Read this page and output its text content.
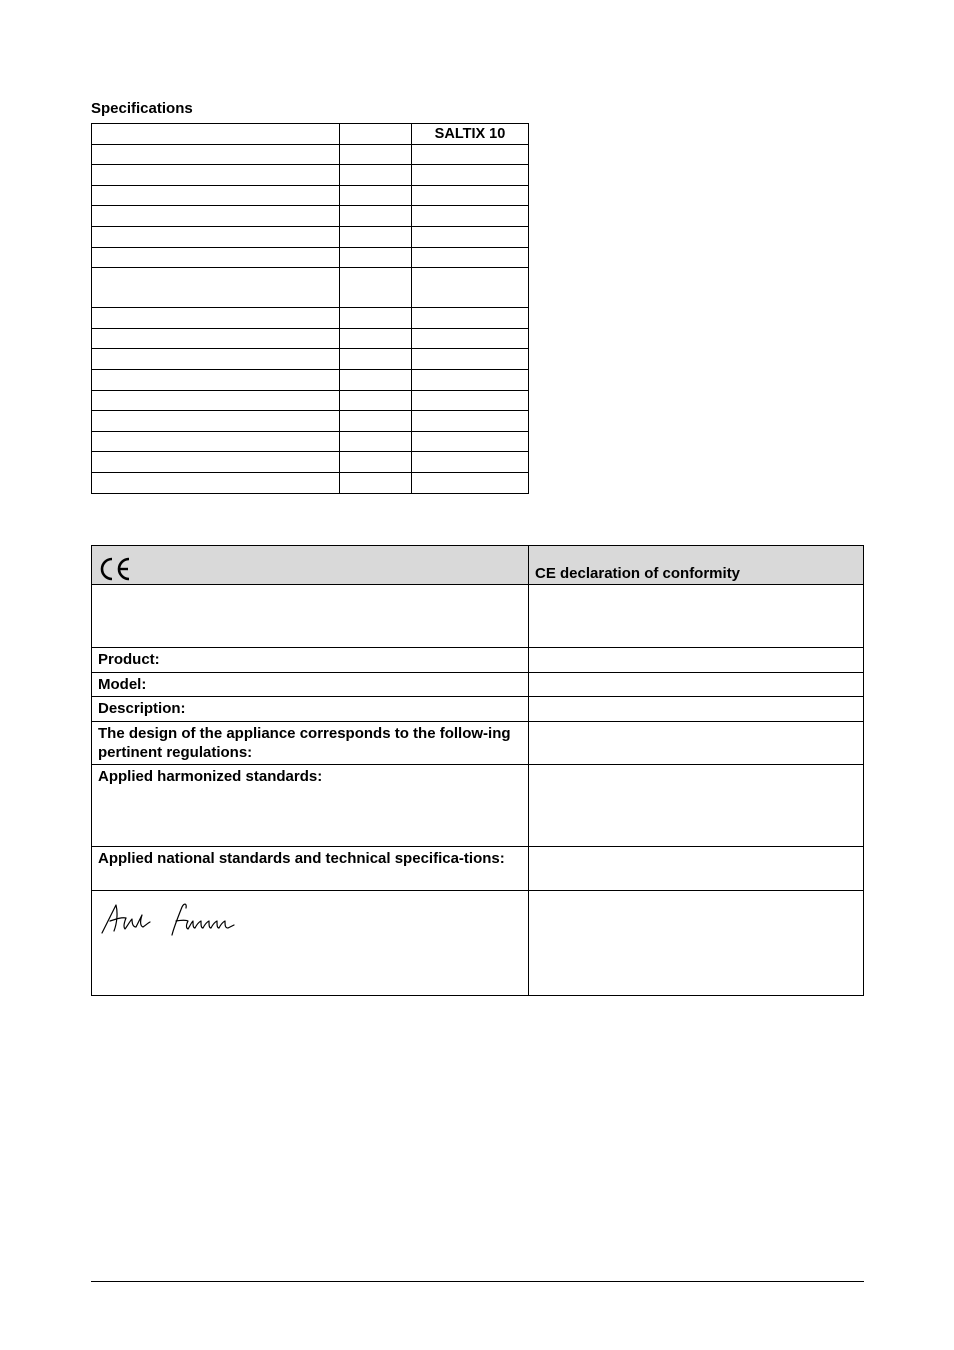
Specifications
		SALTIX 10

	CE declaration of conformity

Product:	
Model:	
Description:	
The design of the appliance corresponds to the follow-ing pertinent regulations:	
Applied harmonized standards:	
Applied national standards and technical specifica-tions:	
